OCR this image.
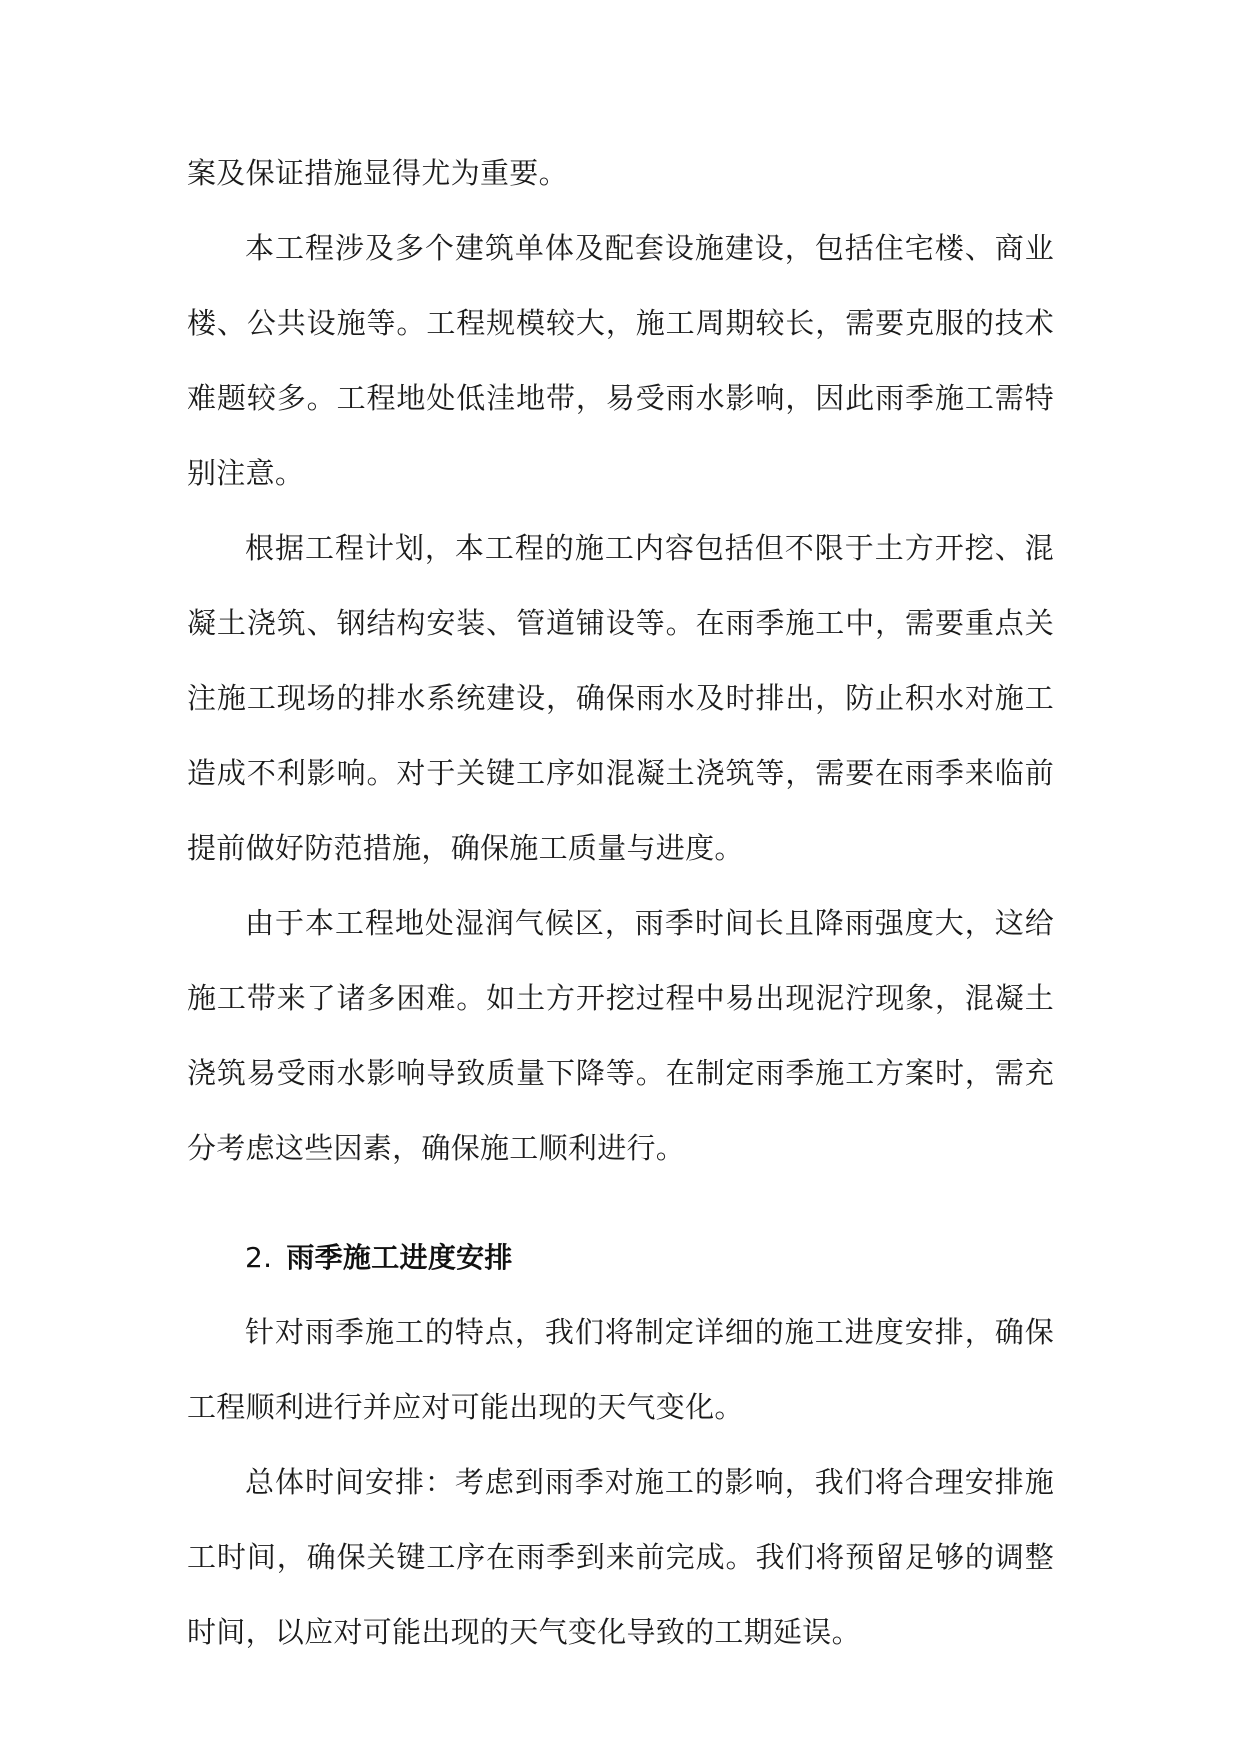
案及保证措施显得尤为重要。

本工程涉及多个建筑单体及配套设施建设，包括住宅楼、商业楼、公共设施等。工程规模较大，施工周期较长，需要克服的技术难题较多。工程地处低洼地带，易受雨水影响，因此雨季施工需特别注意。

根据工程计划，本工程的施工内容包括但不限于土方开挖、混凝土浇筑、钢结构安装、管道铺设等。在雨季施工中，需要重点关注施工现场的排水系统建设，确保雨水及时排出，防止积水对施工造成不利影响。对于关键工序如混凝土浇筑等，需要在雨季来临前提前做好防范措施，确保施工质量与进度。

由于本工程地处湿润气候区，雨季时间长且降雨强度大，这给施工带来了诸多困难。如土方开挖过程中易出现泥泞现象，混凝土浇筑易受雨水影响导致质量下降等。在制定雨季施工方案时，需充分考虑这些因素，确保施工顺利进行。

2. 雨季施工进度安排

针对雨季施工的特点，我们将制定详细的施工进度安排，确保工程顺利进行并应对可能出现的天气变化。

总体时间安排：考虑到雨季对施工的影响，我们将合理安排施工时间，确保关键工序在雨季到来前完成。我们将预留足够的调整时间，以应对可能出现的天气变化导致的工期延误。
